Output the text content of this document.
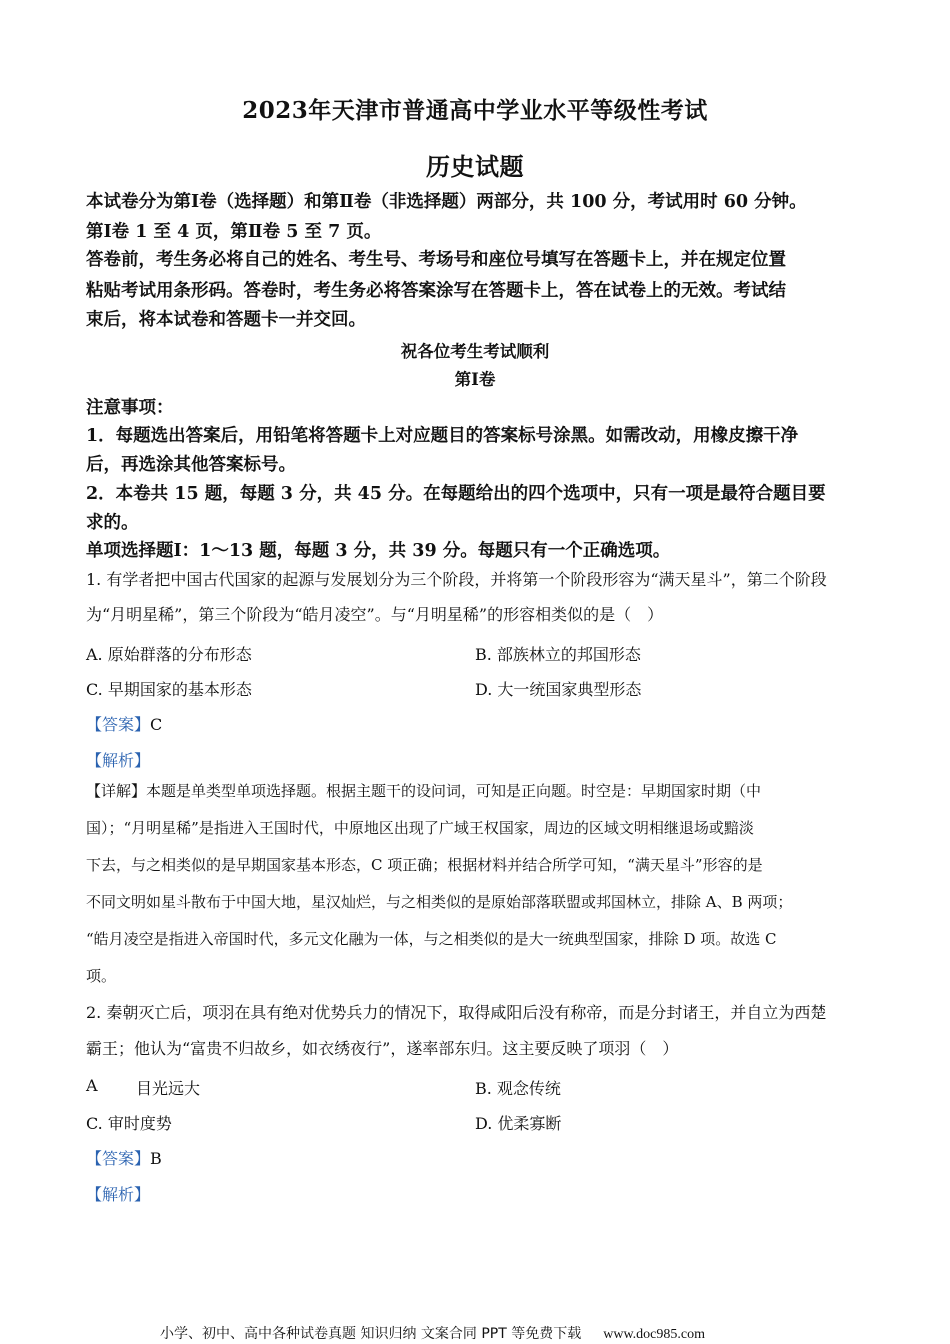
2023年天津市普通高中学业水平等级性考试
历史试题
本试卷分为第Ⅰ卷（选择题）和第Ⅱ卷（非选择题）两部分，共 100 分，考试用时 60 分钟。
第Ⅰ卷 1 至 4 页，第Ⅱ卷 5 至 7 页。
答卷前，考生务必将自己的姓名、考生号、考场号和座位号填写在答题卡上，并在规定位置
粘贴考试用条形码。答卷时，考生务必将答案涂写在答题卡上，答在试卷上的无效。考试结
束后，将本试卷和答题卡一并交回。
祝各位考生考试顺利
第Ⅰ卷
注意事项：
1．每题选出答案后，用铅笔将答题卡上对应题目的答案标号涂黑。如需改动，用橡皮擦干净
后，再选涂其他答案标号。
2．本卷共 15 题，每题 3 分，共 45 分。在每题给出的四个选项中，只有一项是最符合题目要
求的。
单项选择题Ⅰ：1～13 题，每题 3 分，共 39 分。每题只有一个正确选项。
1. 有学者把中国古代国家的起源与发展划分为三个阶段，并将第一个阶段形容为“满天星斗”，第二个阶段
为“月明星稀”，第三个阶段为“皓月凌空”。与“月明星稀”的形容相类似的是（　）
A. 原始群落的分布形态	B. 部族林立的邦国形态
C. 早期国家的基本形态	D. 大一统国家典型形态
【答案】C
【解析】
【详解】本题是单类型单项选择题。根据主题干的设问词，可知是正向题。时空是：早期国家时期（中
国）；“月明星稀”是指进入王国时代，中原地区出现了广域王权国家，周边的区域文明相继退场或黯淡
下去，与之相类似的是早期国家基本形态，C 项正确；根据材料并结合所学可知，“满天星斗”形容的是
不同文明如星斗散布于中国大地，星汉灿烂，与之相类似的是原始部落联盟或邦国林立，排除 A、B 两项；
“皓月凌空是指进入帝国时代，多元文化融为一体，与之相类似的是大一统典型国家，排除 D 项。故选 C
项。
2. 秦朝灭亡后，项羽在具有绝对优势兵力的情况下，取得咸阳后没有称帝，而是分封诸王，并自立为西楚
霸王；他认为“富贵不归故乡，如衣绣夜行”，遂率部东归。这主要反映了项羽（　）
A 目光远大	B. 观念传统
C. 审时度势	D. 优柔寡断
【答案】B
【解析】
小学、初中、高中各种试卷真题 知识归纳 文案合同 PPT 等免费下载 www.doc985.com
